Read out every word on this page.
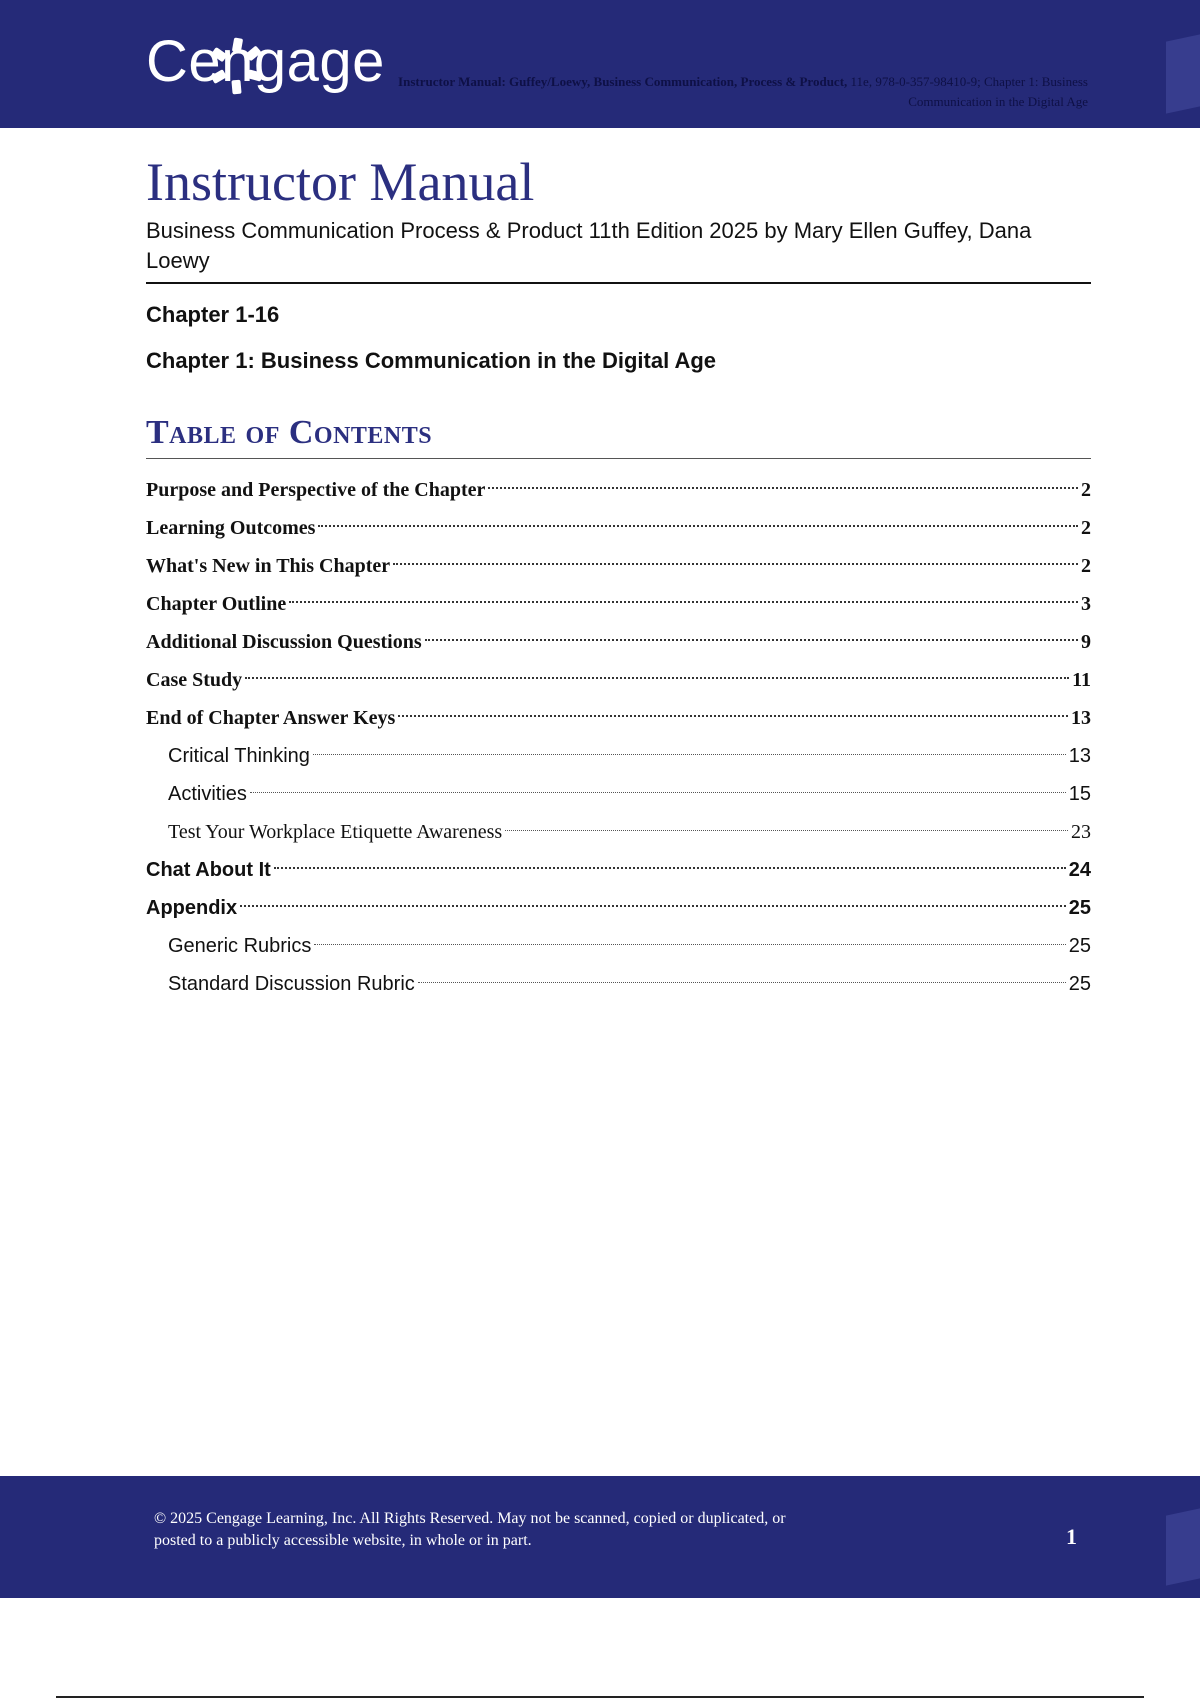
Cengage	Instructor Manual: Guffey/Loewy, Business Communication, Process & Product, 11e, 978-0-357-98410-9; Chapter 1: Business
Communication in the Digital Age
Instructor Manual
Business Communication Process & Product 11th Edition 2025 by Mary Ellen Guffey, Dana Loewy
Chapter 1-16
Chapter 1: Business Communication in the Digital Age
Table of Contents
Purpose and Perspective of the Chapter	2
Learning Outcomes	2
What's New in This Chapter	2
Chapter Outline	3
Additional Discussion Questions	9
Case Study	11
End of Chapter Answer Keys	13
Critical Thinking	13
Activities	15
Test Your Workplace Etiquette Awareness	23
Chat About It	24
Appendix	25
Generic Rubrics	25
Standard Discussion Rubric	25
© 2025 Cengage Learning, Inc. All Rights Reserved. May not be scanned, copied or duplicated, or
posted to a publicly accessible website, in whole or in part.	1
